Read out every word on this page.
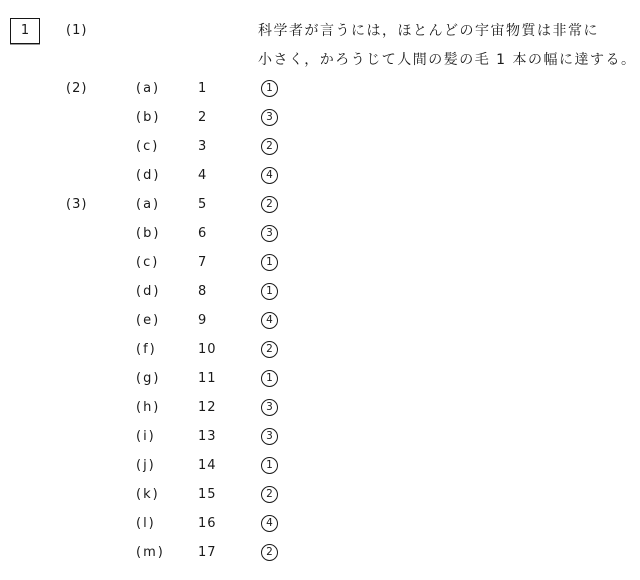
1	(1)	科学者が言うには，ほとんどの宇宙物質は非常に
小さく，かろうじて人間の髪の毛 1 本の幅に達する。
(2)	(a)	1	1
(b)	2	3
(c)	3	2
(d)	4	4
(3)	(a)	5	2
(b)	6	3
(c)	7	1
(d)	8	1
(e)	9	4
(f)	10	2
(g)	11	1
(h)	12	3
(i)	13	3
(j)	14	1
(k)	15	2
(l)	16	4
(m)	17	2
